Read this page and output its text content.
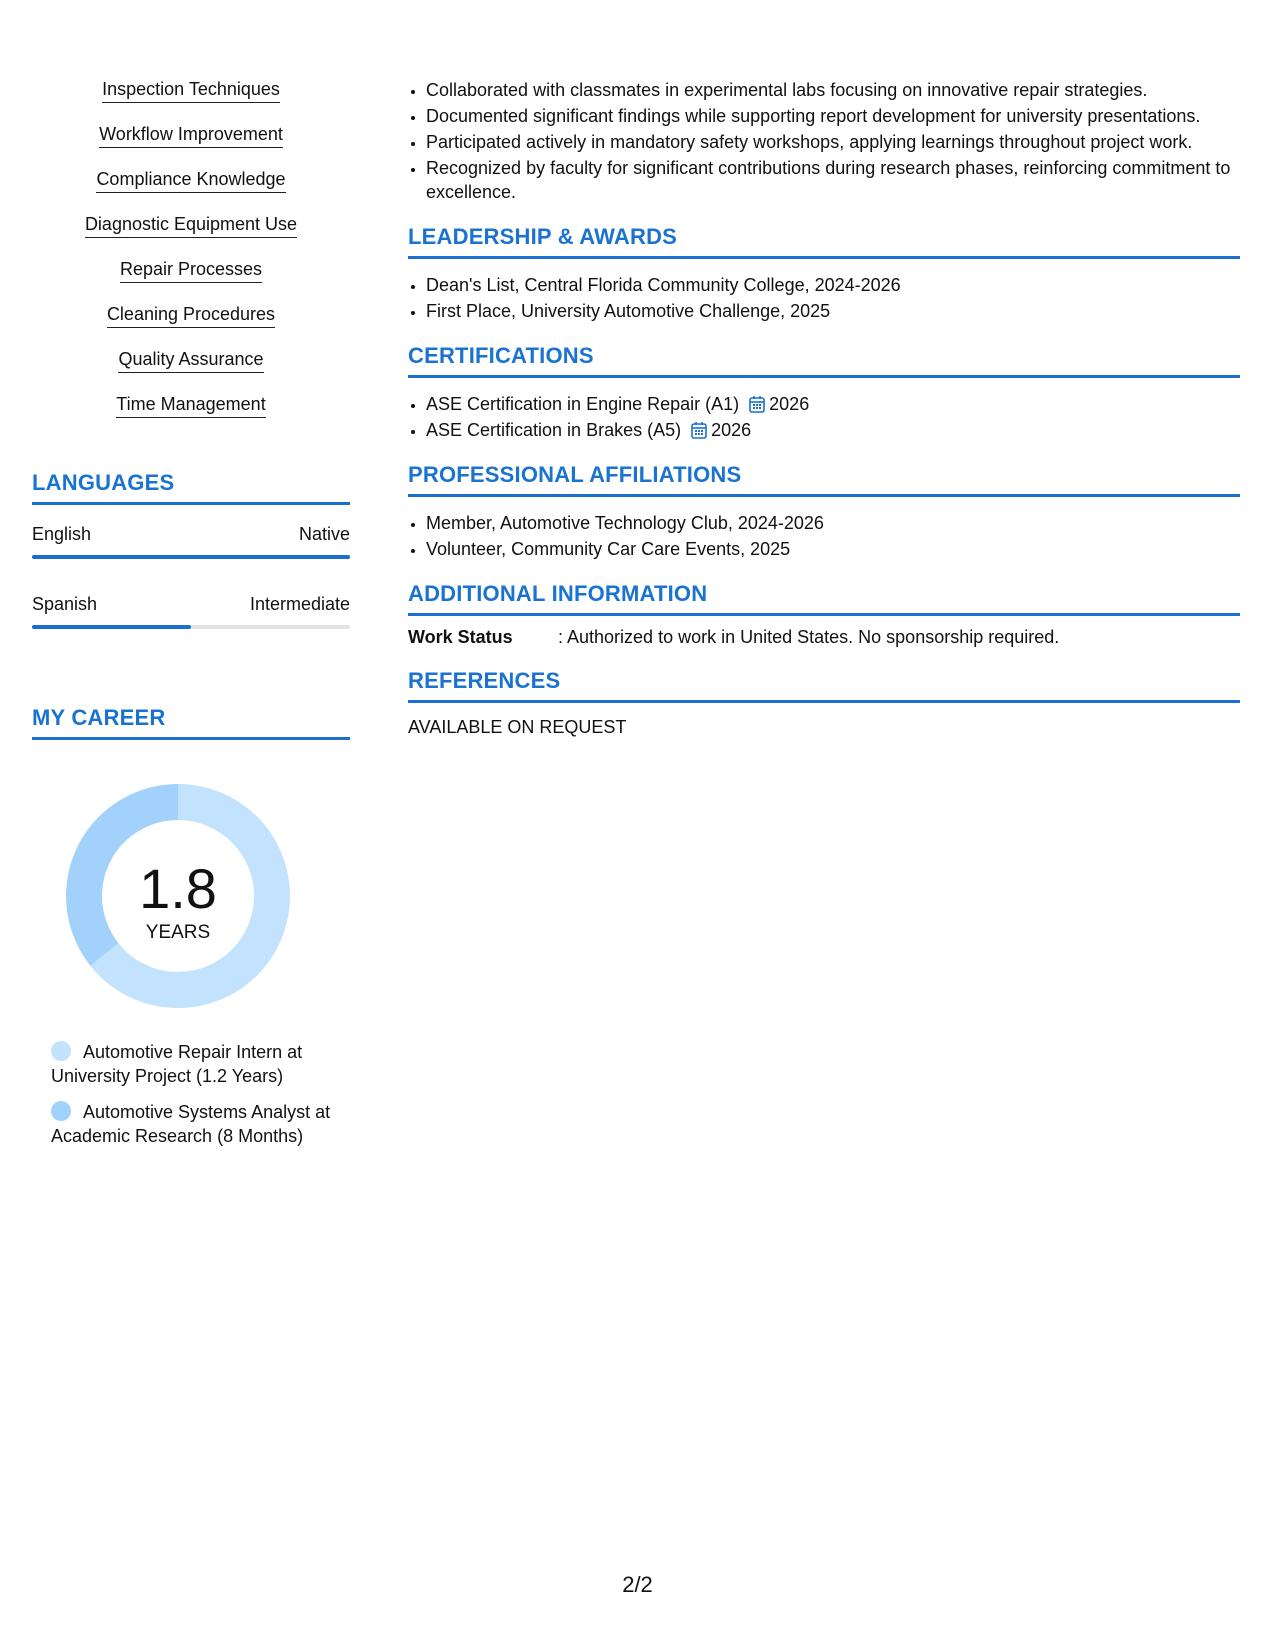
Inspection Techniques
Workflow Improvement
Compliance Knowledge
Diagnostic Equipment Use
Repair Processes
Cleaning Procedures
Quality Assurance
Time Management
LANGUAGES
English	Native
Spanish	Intermediate
MY CAREER
1.8
YEARS
Automotive Repair Intern at University Project (1.2 Years)
Automotive Systems Analyst at Academic Research (8 Months)
• Collaborated with classmates in experimental labs focusing on innovative repair strategies.
• Documented significant findings while supporting report development for university presentations.
• Participated actively in mandatory safety workshops, applying learnings throughout project work.
• Recognized by faculty for significant contributions during research phases, reinforcing commitment to excellence.
LEADERSHIP & AWARDS
• Dean's List, Central Florida Community College, 2024-2026
• First Place, University Automotive Challenge, 2025
CERTIFICATIONS
• ASE Certification in Engine Repair (A1) 2026
• ASE Certification in Brakes (A5) 2026
PROFESSIONAL AFFILIATIONS
• Member, Automotive Technology Club, 2024-2026
• Volunteer, Community Car Care Events, 2025
ADDITIONAL INFORMATION
Work Status	: Authorized to work in United States. No sponsorship required.
REFERENCES
AVAILABLE ON REQUEST
2/2
